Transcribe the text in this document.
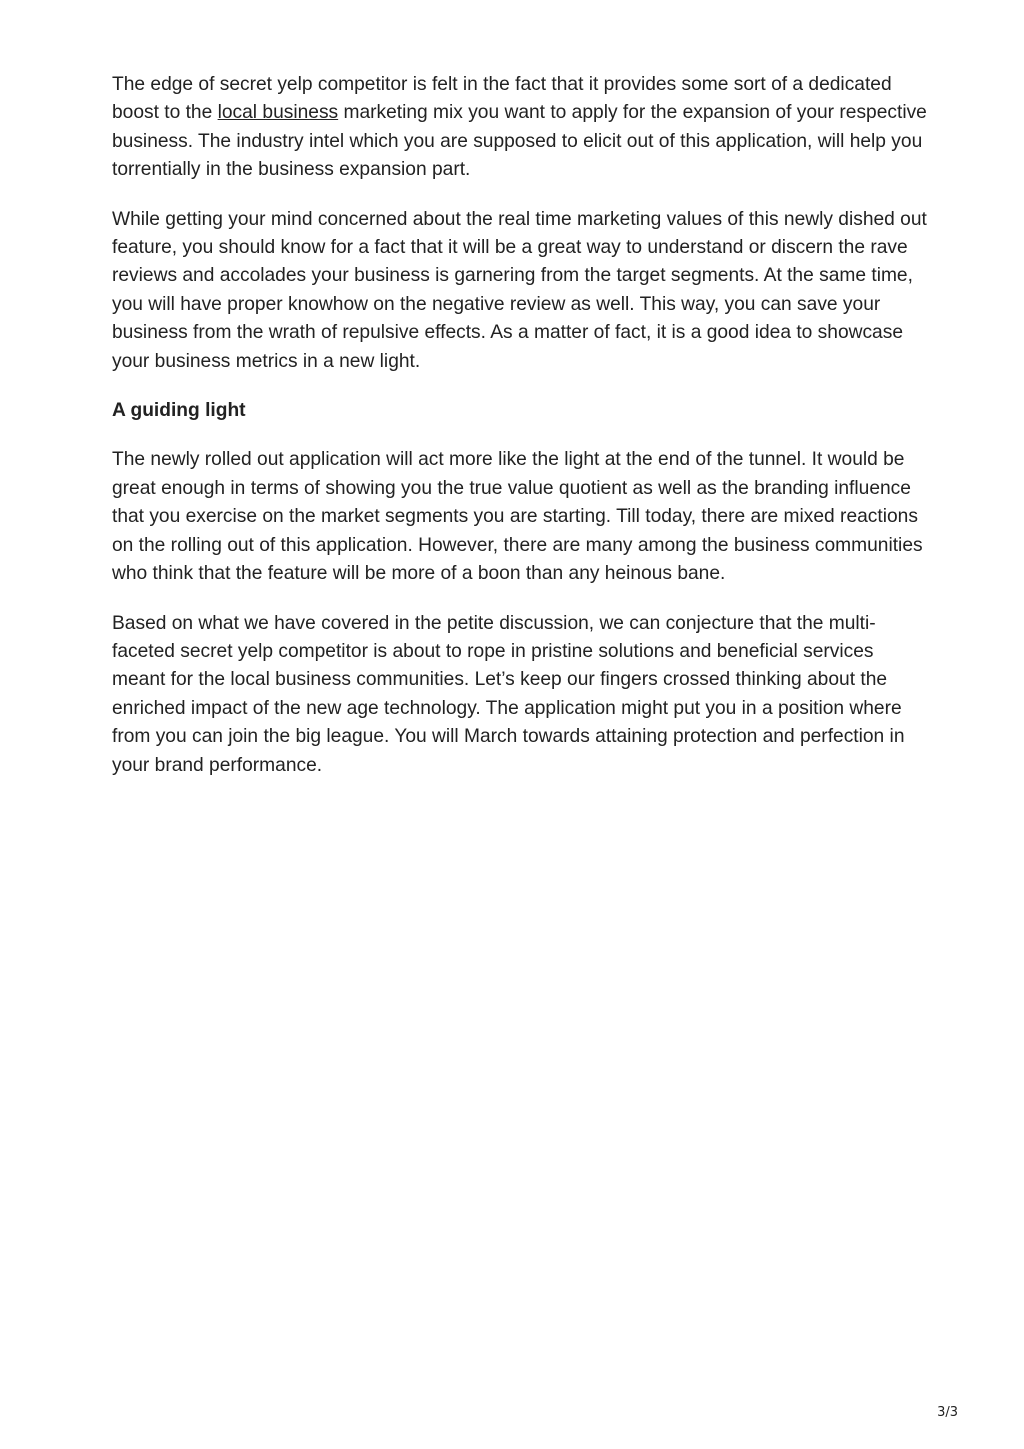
The edge of secret yelp competitor is felt in the fact that it provides some sort of a dedicated boost to the local business marketing mix you want to apply for the expansion of your respective business. The industry intel which you are supposed to elicit out of this application, will help you torrentially in the business expansion part.

While getting your mind concerned about the real time marketing values of this newly dished out feature, you should know for a fact that it will be a great way to understand or discern the rave reviews and accolades your business is garnering from the target segments. At the same time, you will have proper knowhow on the negative review as well. This way, you can save your business from the wrath of repulsive effects. As a matter of fact, it is a good idea to showcase your business metrics in a new light.

A guiding light

The newly rolled out application will act more like the light at the end of the tunnel. It would be great enough in terms of showing you the true value quotient as well as the branding influence that you exercise on the market segments you are starting. Till today, there are mixed reactions on the rolling out of this application. However, there are many among the business communities who think that the feature will be more of a boon than any heinous bane.

Based on what we have covered in the petite discussion, we can conjecture that the multi-faceted secret yelp competitor is about to rope in pristine solutions and beneficial services meant for the local business communities. Let’s keep our fingers crossed thinking about the enriched impact of the new age technology. The application might put you in a position where from you can join the big league. You will March towards attaining protection and perfection in your brand performance.

3/3
